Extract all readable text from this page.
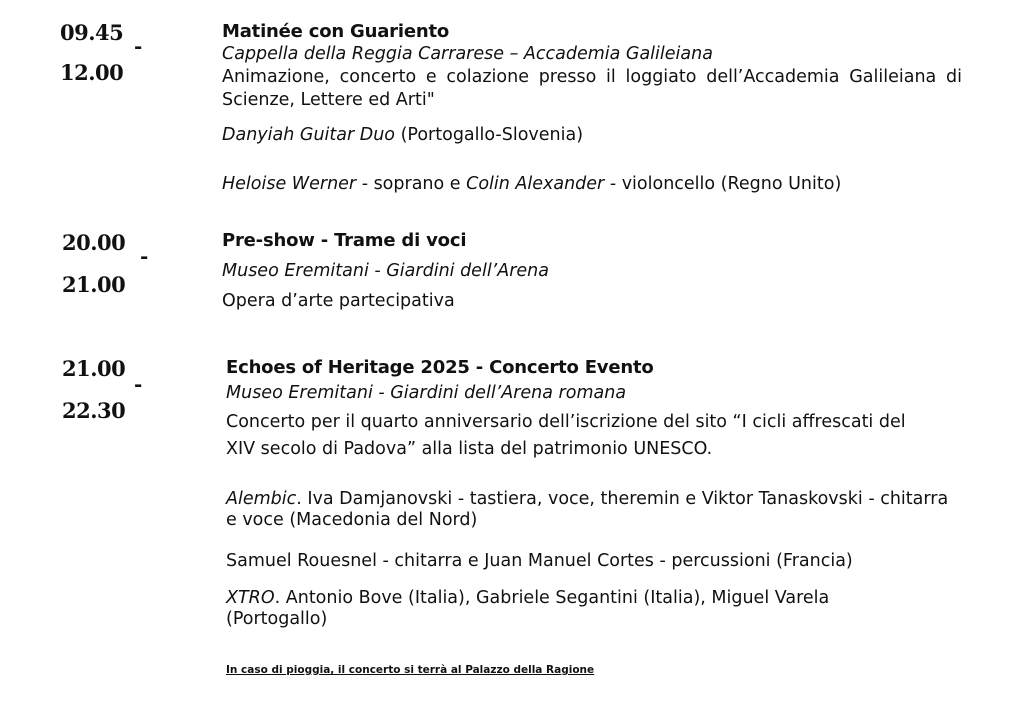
09.45
-
12.00
Matinée con Guariento
Cappella della Reggia Carrarese – Accademia Galileiana
Animazione, concerto e colazione presso il loggiato dell’Accademia Galileiana di Scienze, Lettere ed Arti"
Danyiah Guitar Duo (Portogallo-Slovenia)
Heloise Werner - soprano e Colin Alexander - violoncello (Regno Unito)
20.00
-
21.00
Pre-show - Trame di voci
Museo Eremitani - Giardini dell’Arena
Opera d’arte partecipativa
21.00
-
22.30
Echoes of Heritage 2025 - Concerto Evento
Museo Eremitani - Giardini dell’Arena romana
Concerto per il quarto anniversario dell’iscrizione del sito “I cicli affrescati del
XIV secolo di Padova” alla lista del patrimonio UNESCO.
Alembic. Iva Damjanovski - tastiera, voce, theremin e Viktor Tanaskovski - chitarra e voce (Macedonia del Nord)
Samuel Rouesnel - chitarra e Juan Manuel Cortes - percussioni (Francia)
XTRO. Antonio Bove (Italia), Gabriele Segantini (Italia), Miguel Varela (Portogallo)
In caso di pioggia, il concerto si terrà al Palazzo della Ragione
